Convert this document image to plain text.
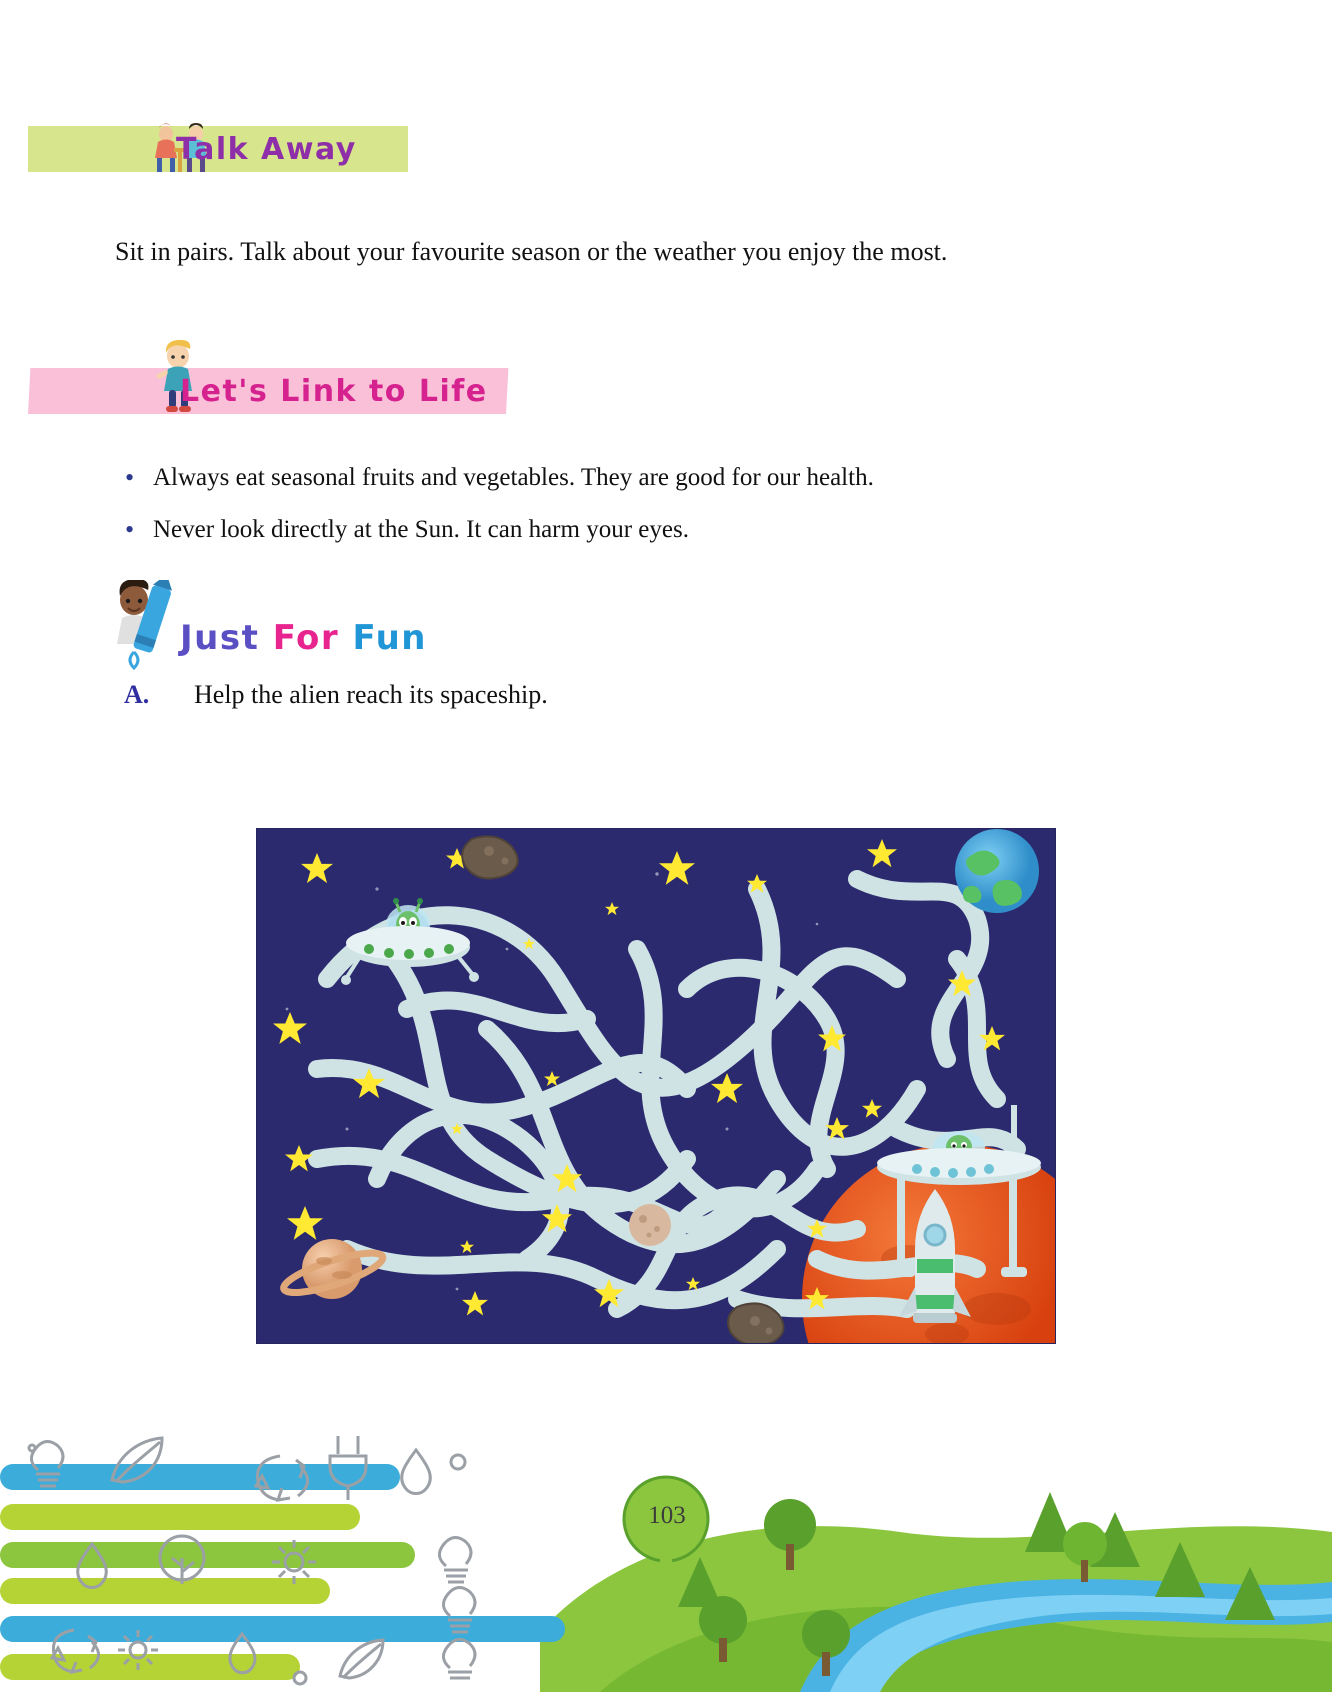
Talk Away

Sit in pairs. Talk about your favourite season or the weather you enjoy the most.

Let's Link to Life
• Always eat seasonal fruits and vegetables. They are good for our health.
• Never look directly at the Sun. It can harm your eyes.
Just For Fun
A.	Help the alien reach its spaceship.
103
